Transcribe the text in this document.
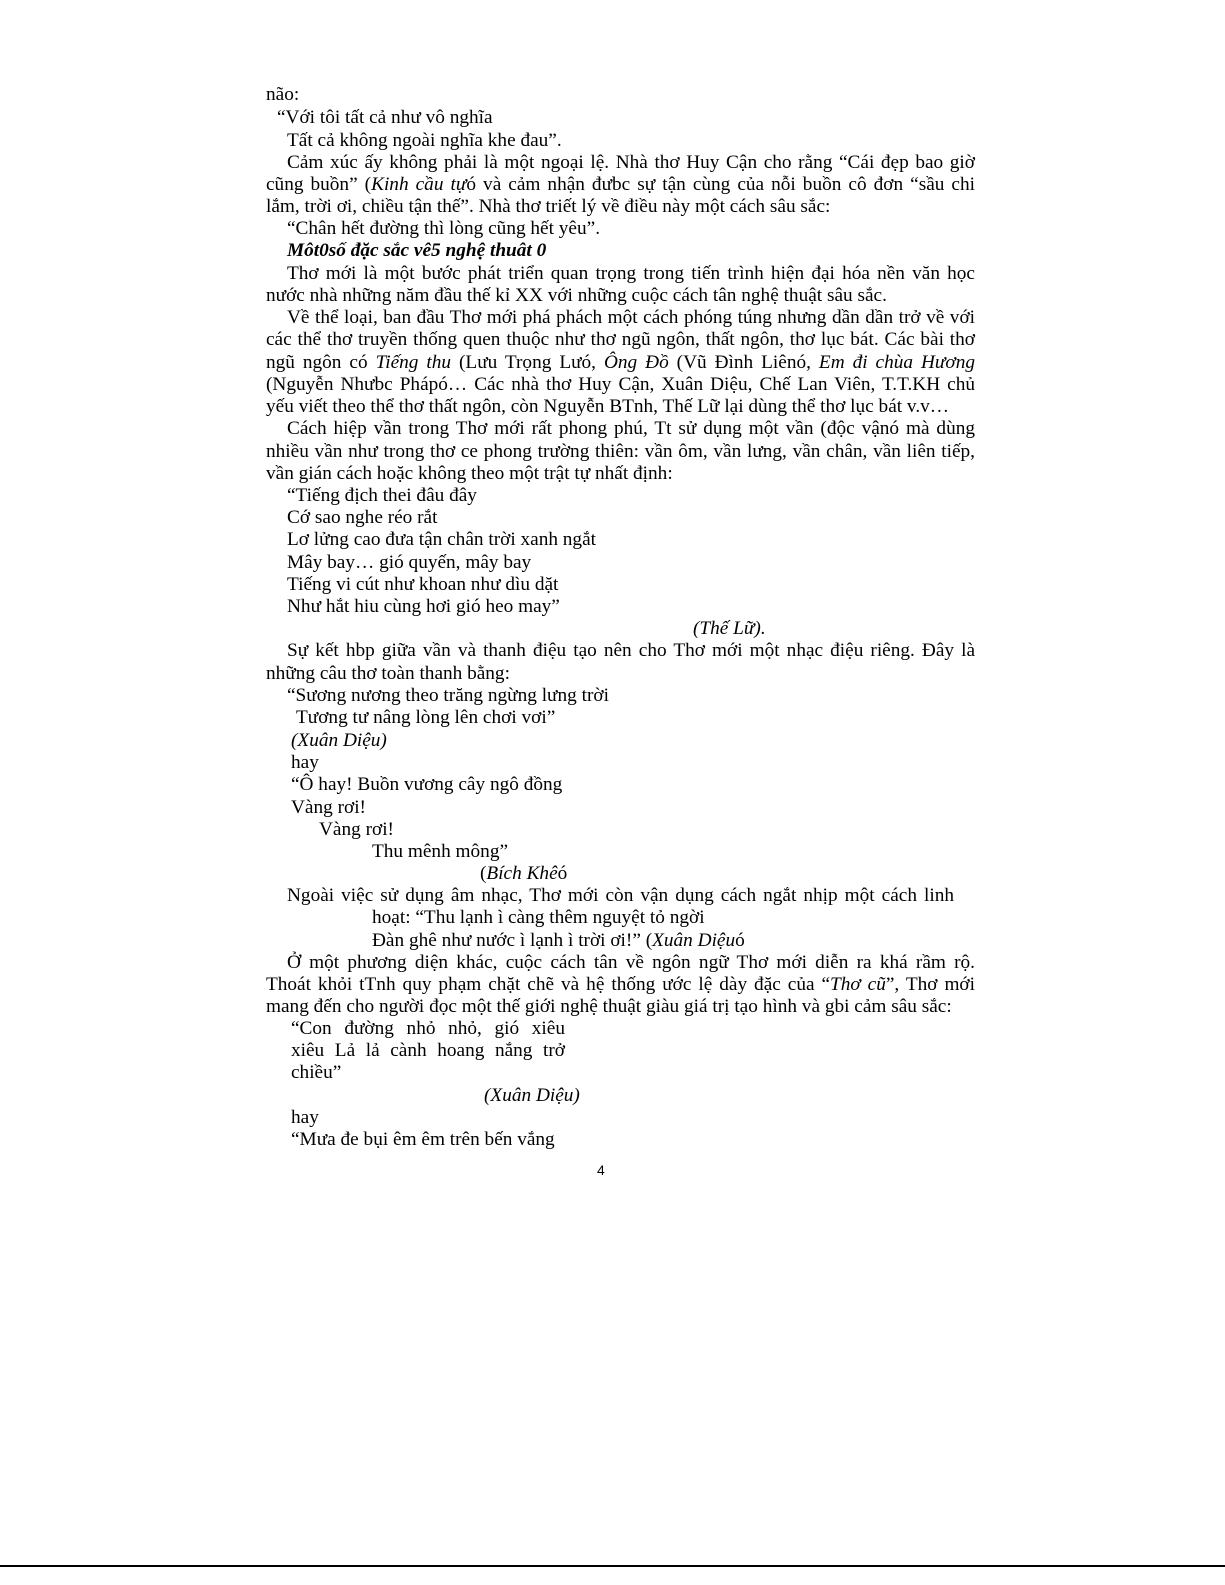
não:
“Với tôi tất cả như vô nghĩa
Tất cả không ngoài nghĩa khe đau”.
Cảm xúc ấy không phải là một ngoại lệ. Nhà thơ Huy Cận cho rằng “Cái đẹp bao giờ
cũng buồn” (Kinh cầu tựó và cảm nhận đưbc sự tận cùng của nỗi buồn cô đơn “sầu chi
lắm, trời ơi, chiều tận thế”. Nhà thơ triết lý về điều này một cách sâu sắc:
“Chân hết đường thì lòng cũng hết yêu”.
Môt0số đặc sắc vê5 nghệ thuât 0
Thơ mới là một bước phát triển quan trọng trong tiến trình hiện đại hóa nền văn học
nước nhà những năm đầu thế kỉ XX với những cuộc cách tân nghệ thuật sâu sắc.
Về thể loại, ban đầu Thơ mới phá phách một cách phóng túng nhưng dần dần trở về với
các thể thơ truyền thống quen thuộc như thơ ngũ ngôn, thất ngôn, thơ lục bát. Các bài thơ
ngũ ngôn có Tiếng thu (Lưu Trọng Lưó, Ông Đồ (Vũ Đình Liênó, Em đi chùa Hương
(Nguyễn Nhưbc Phápó… Các nhà thơ Huy Cận, Xuân Diệu, Chế Lan Viên, T.T.KH chủ
yếu viết theo thể thơ thất ngôn, còn Nguyễn BTnh, Thế Lữ lại dùng thể thơ lục bát v.v…
Cách hiệp vần trong Thơ mới rất phong phú, Tt sử dụng một vần (độc vậnó mà dùng
nhiều vần như trong thơ ce phong trường thiên: vần ôm, vần lưng, vần chân, vần liên tiếp,
vần gián cách hoặc không theo một trật tự nhất định:
“Tiếng địch thei đâu đây
Cớ sao nghe réo rắt
Lơ lửng cao đưa tận chân trời xanh ngắt
Mây bay… gió quyến, mây bay
Tiếng vi cút như khoan như dìu dặt
Như hắt hiu cùng hơi gió heo may”
(Thế Lữ).
Sự kết hbp giữa vần và thanh điệu tạo nên cho Thơ mới một nhạc điệu riêng. Đây là
những câu thơ toàn thanh bằng:
“Sương nương theo trăng ngừng lưng trời
Tương tư nâng lòng lên chơi vơi”
(Xuân Diệu)
hay
“Ô hay! Buồn vương cây ngô đồng
Vàng rơi!
Vàng rơi!
Thu mênh mông”
(Bích Khêó
Ngoài việc sử dụng âm nhạc, Thơ mới còn vận dụng cách ngắt nhịp một cách linh
hoạt: “Thu lạnh ì càng thêm nguyệt tỏ ngời
Đàn ghê như nước ì lạnh ì trời ơi!” (Xuân Diệuó
Ở một phương diện khác, cuộc cách tân về ngôn ngữ Thơ mới diễn ra khá rầm rộ.
Thoát khỏi tTnh quy phạm chặt chẽ và hệ thống ước lệ dày đặc của “Thơ cũ”, Thơ mới
mang đến cho người đọc một thế giới nghệ thuật giàu giá trị tạo hình và gbi cảm sâu sắc:
“Con đường nhỏ nhỏ, gió xiêu
xiêu Lả lả cành hoang nắng trở
chiều”
(Xuân Diệu)
hay
“Mưa đe bụi êm êm trên bến vắng
4
